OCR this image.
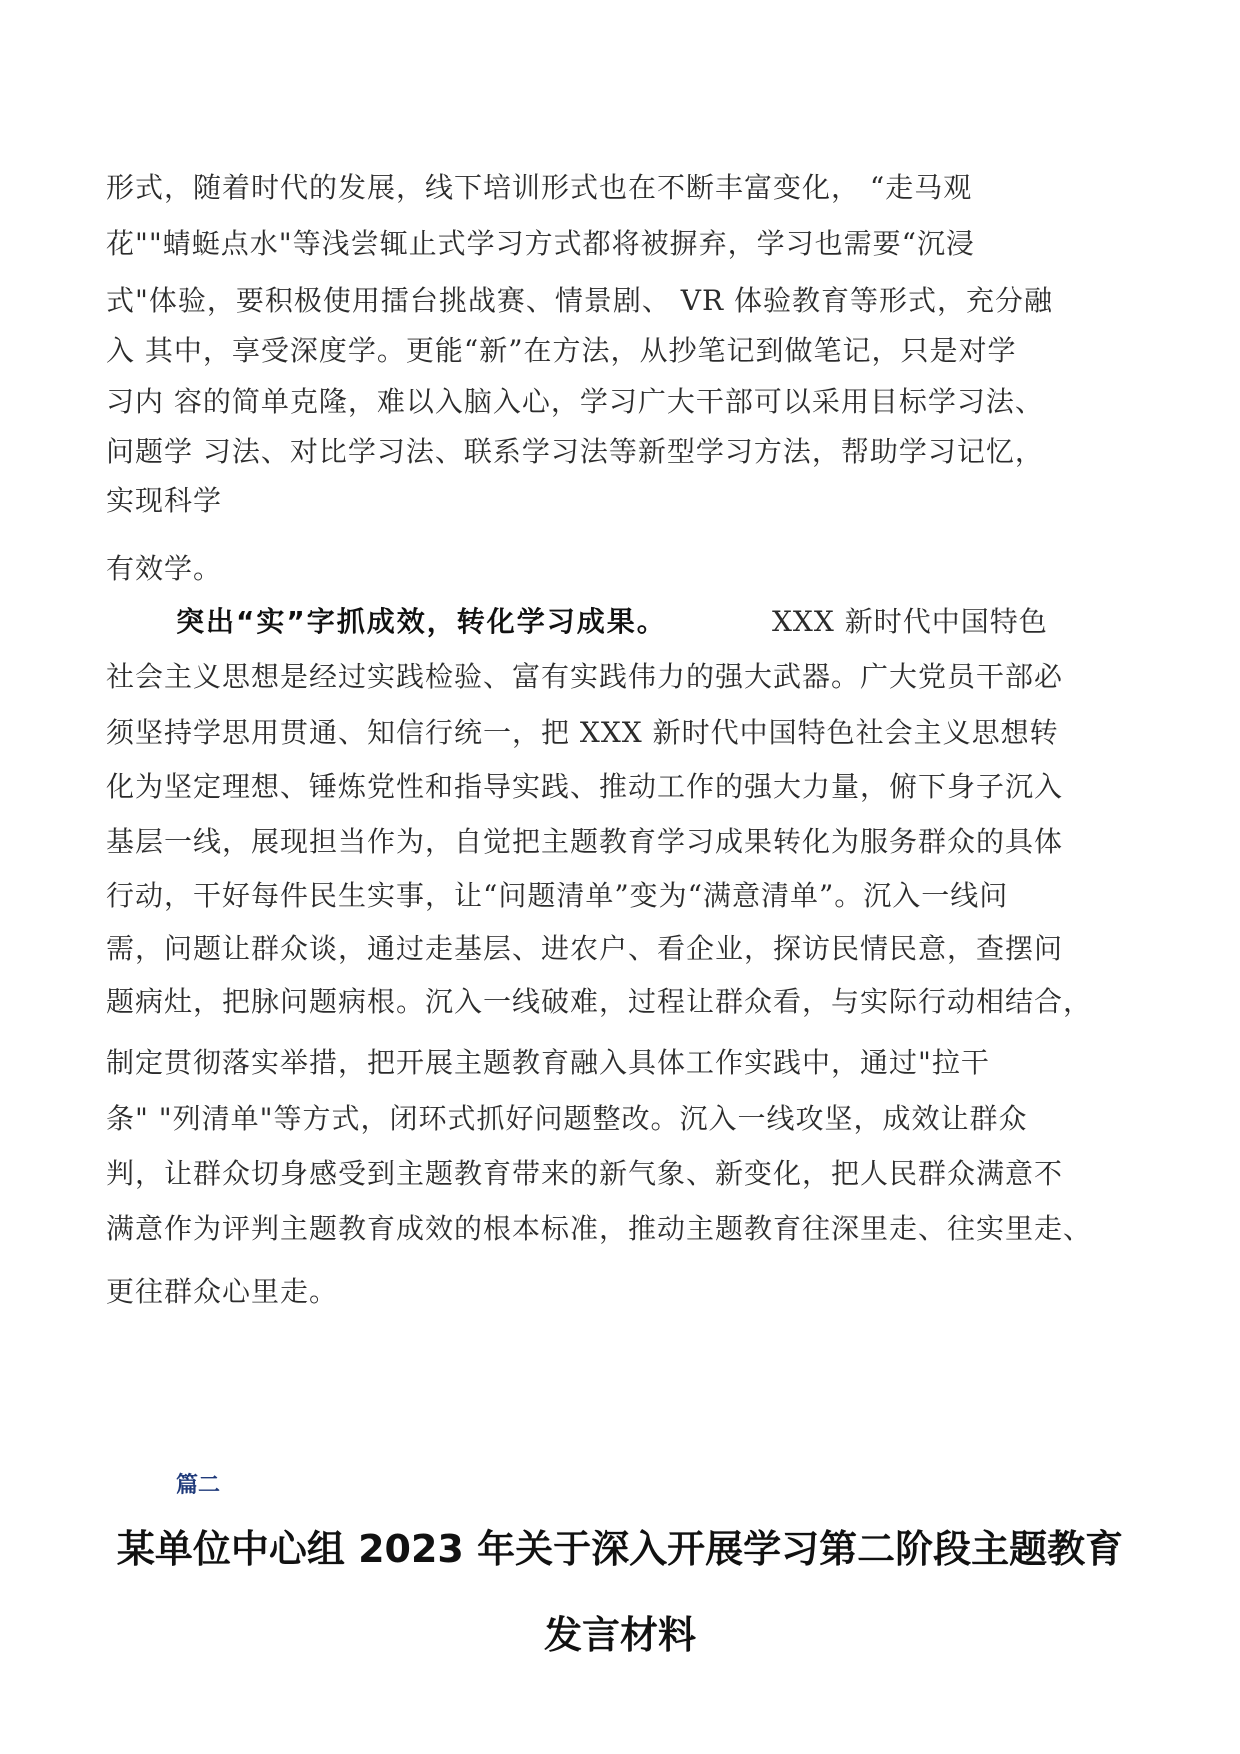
形式，随着时代的发展，线下培训形式也在不断丰富变化， “走马观
花""蜻蜓点水"等浅尝辄止式学习方式都将被摒弃，学习也需要“沉浸
式"体验，要积极使用擂台挑战赛、情景剧、 VR 体验教育等形式，充分融
入 其中，享受深度学。更能“新”在方法，从抄笔记到做笔记，只是对学
习内 容的简单克隆，难以入脑入心，学习广大干部可以采用目标学习法、
问题学 习法、对比学习法、联系学习法等新型学习方法，帮助学习记忆，
实现科学
有效学。
突出“实”字抓成效，转化学习成果。	XXX 新时代中国特色
社会主义思想是经过实践检验、富有实践伟力的强大武器。广大党员干部必
须坚持学思用贯通、知信行统一，把 XXX 新时代中国特色社会主义思想转
化为坚定理想、锤炼党性和指导实践、推动工作的强大力量，俯下身子沉入
基层一线，展现担当作为，自觉把主题教育学习成果转化为服务群众的具体
行动，干好每件民生实事，让“问题清单”变为“满意清单”。沉入一线问
需，问题让群众谈，通过走基层、进农户、看企业，探访民情民意，查摆问
题病灶，把脉问题病根。沉入一线破难，过程让群众看，与实际行动相结合，
制定贯彻落实举措，把开展主题教育融入具体工作实践中，通过"拉干
条" "列清单"等方式，闭环式抓好问题整改。沉入一线攻坚，成效让群众
判，让群众切身感受到主题教育带来的新气象、新变化，把人民群众满意不
满意作为评判主题教育成效的根本标准，推动主题教育往深里走、往实里走、
更往群众心里走。
篇二
某单位中心组 2023 年关于深入开展学习第二阶段主题教育
发言材料
